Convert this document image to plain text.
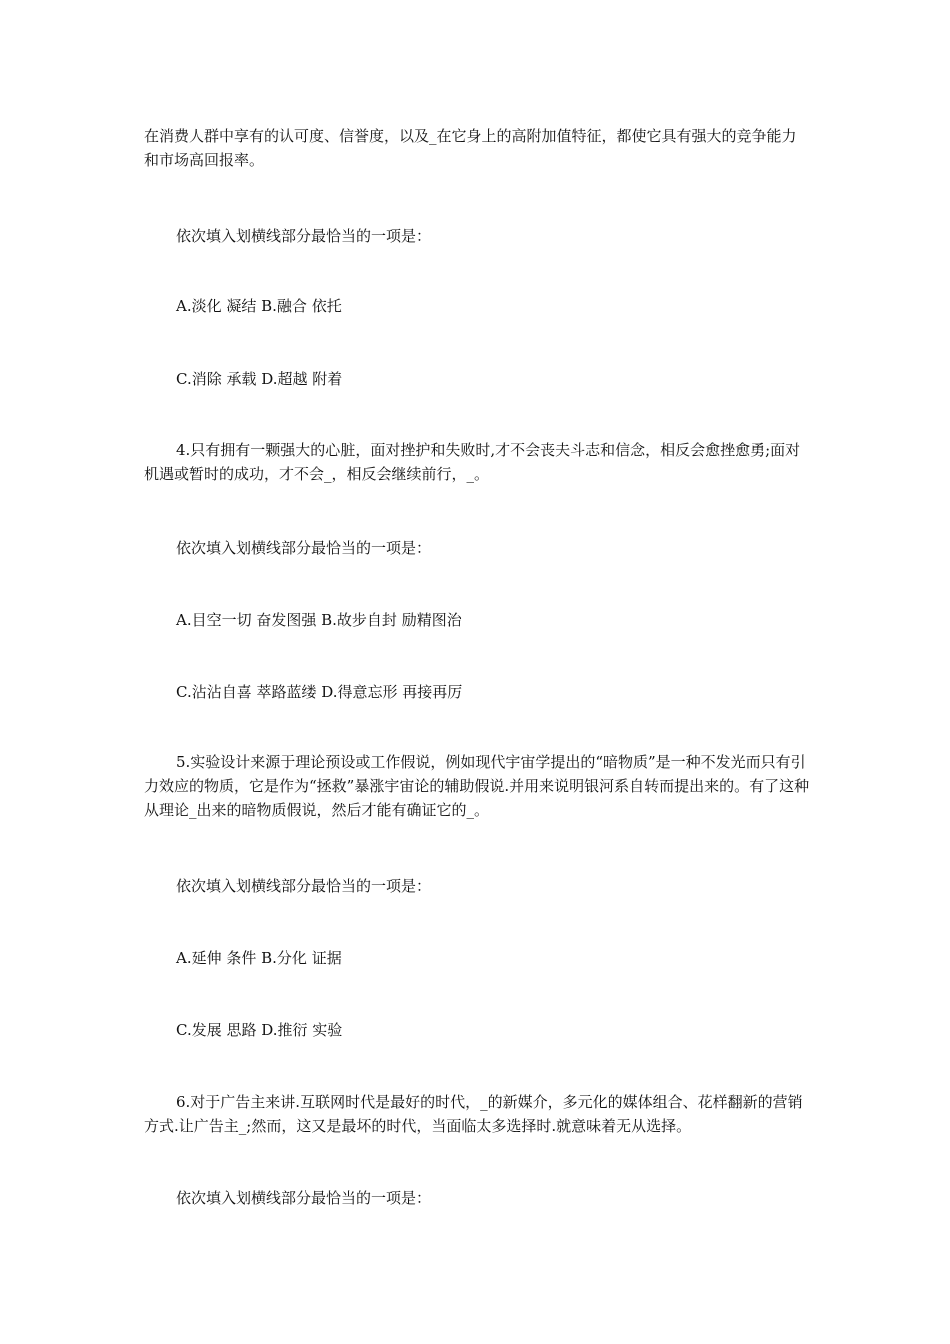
在消费人群中享有的认可度、信誉度，以及_在它身上的高附加值特征，都使它具有强大的竞争能力和市场高回报率。

依次填入划横线部分最恰当的一项是：

A.淡化 凝结 B.融合 依托

C.消除 承载 D.超越 附着

4.只有拥有一颗强大的心脏，面对挫护和失败时,才不会丧夫斗志和信念，相反会愈挫愈勇;面对机遇或暂时的成功，才不会_，相反会继续前行，_。

依次填入划横线部分最恰当的一项是：

A.目空一切 奋发图强 B.故步自封 励精图治

C.沾沾自喜 萃路蓝缕 D.得意忘形 再接再厉

5.实验设计来源于理论预设或工作假说，例如现代宇宙学提出的“暗物质”是一种不发光而只有引力效应的物质，它是作为“拯救”暴涨宇宙论的辅助假说.并用来说明银河系自转而提出来的。有了这种从理论_出来的暗物质假说，然后才能有确证它的_。

依次填入划横线部分最恰当的一项是：

A.延伸 条件 B.分化 证据

C.发展 思路 D.推衍 实验

6.对于广告主来讲.互联网时代是最好的时代，_的新媒介，多元化的媒体组合、花样翻新的营销方式.让广告主_;然而，这又是最坏的时代，当面临太多选择时.就意味着无从选择。

依次填入划横线部分最恰当的一项是：
